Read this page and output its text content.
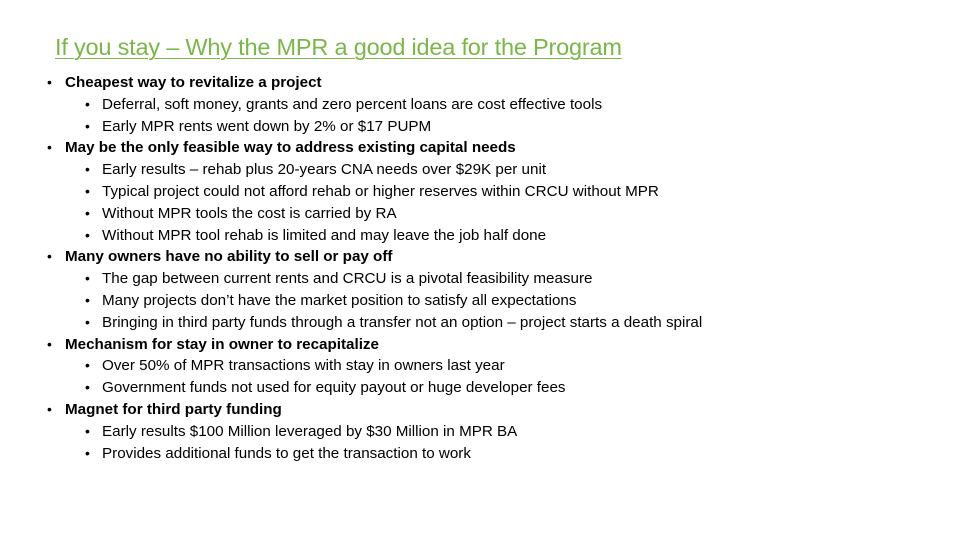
If you stay – Why the MPR a good idea for the Program
• Cheapest way to revitalize a project
• Deferral, soft money, grants and zero percent loans are cost effective tools
• Early MPR rents went down by 2% or $17 PUPM
• May be the only feasible way to address existing capital needs
• Early results – rehab plus 20-years CNA needs over $29K per unit
• Typical project could not afford rehab or higher reserves within CRCU without MPR
• Without MPR tools the cost is carried by RA
• Without MPR tool rehab is limited and may leave the job half done
• Many owners have no ability to sell or pay off
• The gap between current rents and CRCU is a pivotal feasibility measure
• Many projects don’t have the market position to satisfy all expectations
• Bringing in third party funds through a transfer not an option – project starts a death spiral
• Mechanism for stay in owner to recapitalize
• Over 50% of MPR transactions with stay in owners last year
• Government funds not used for equity payout or huge developer fees
• Magnet for third party funding
• Early results $100 Million leveraged by $30 Million in MPR BA
• Provides additional funds to get the transaction to work
